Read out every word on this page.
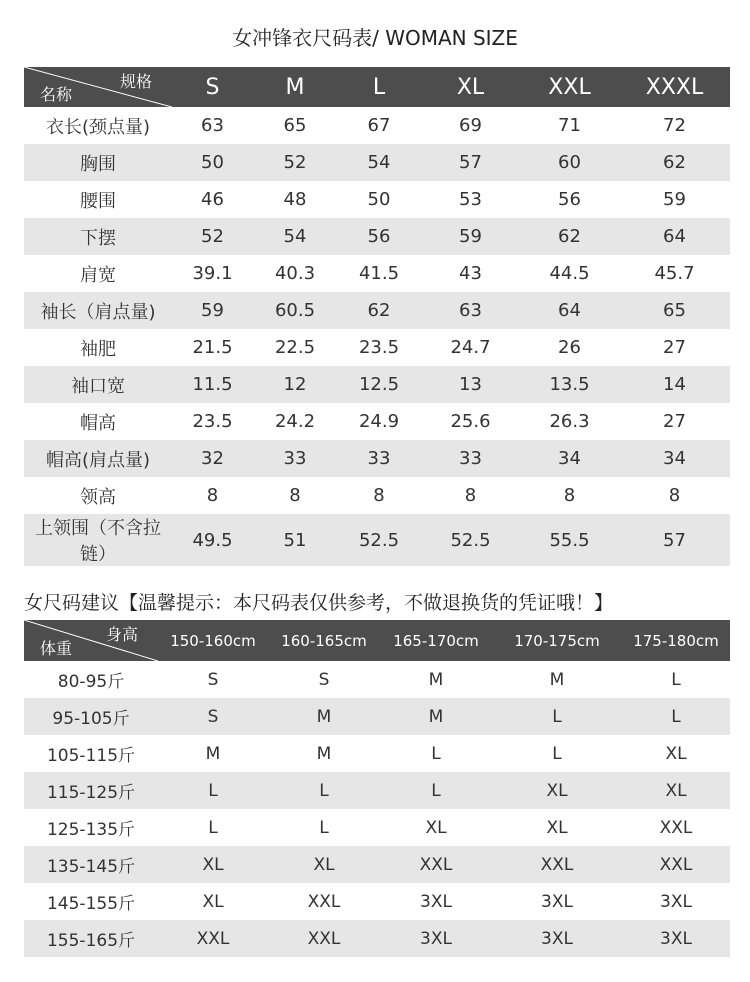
女冲锋衣尺码表/ WOMAN SIZE
规格
名称	S	M	L	XL	XXL	XXXL
衣长(颈点量)	63	65	67	69	71	72
胸围	50	52	54	57	60	62
腰围	46	48	50	53	56	59
下摆	52	54	56	59	62	64
肩宽	39.1	40.3	41.5	43	44.5	45.7
袖长（肩点量)	59	60.5	62	63	64	65
袖肥	21.5	22.5	23.5	24.7	26	27
袖口宽	11.5	12	12.5	13	13.5	14
帽高	23.5	24.2	24.9	25.6	26.3	27
帽高(肩点量)	32	33	33	33	34	34
领高	8	8	8	8	8	8
上领围（不含拉链）	49.5	51	52.5	52.5	55.5	57
女尺码建议【温馨提示：本尺码表仅供参考，不做退换货的凭证哦！】
身高
体重	150-160cm	160-165cm	165-170cm	170-175cm	175-180cm
80-95斤	S	S	M	M	L
95-105斤	S	M	M	L	L
105-115斤	M	M	L	L	XL
115-125斤	L	L	L	XL	XL
125-135斤	L	L	XL	XL	XXL
135-145斤	XL	XL	XXL	XXL	XXL
145-155斤	XL	XXL	3XL	3XL	3XL
155-165斤	XXL	XXL	3XL	3XL	3XL
